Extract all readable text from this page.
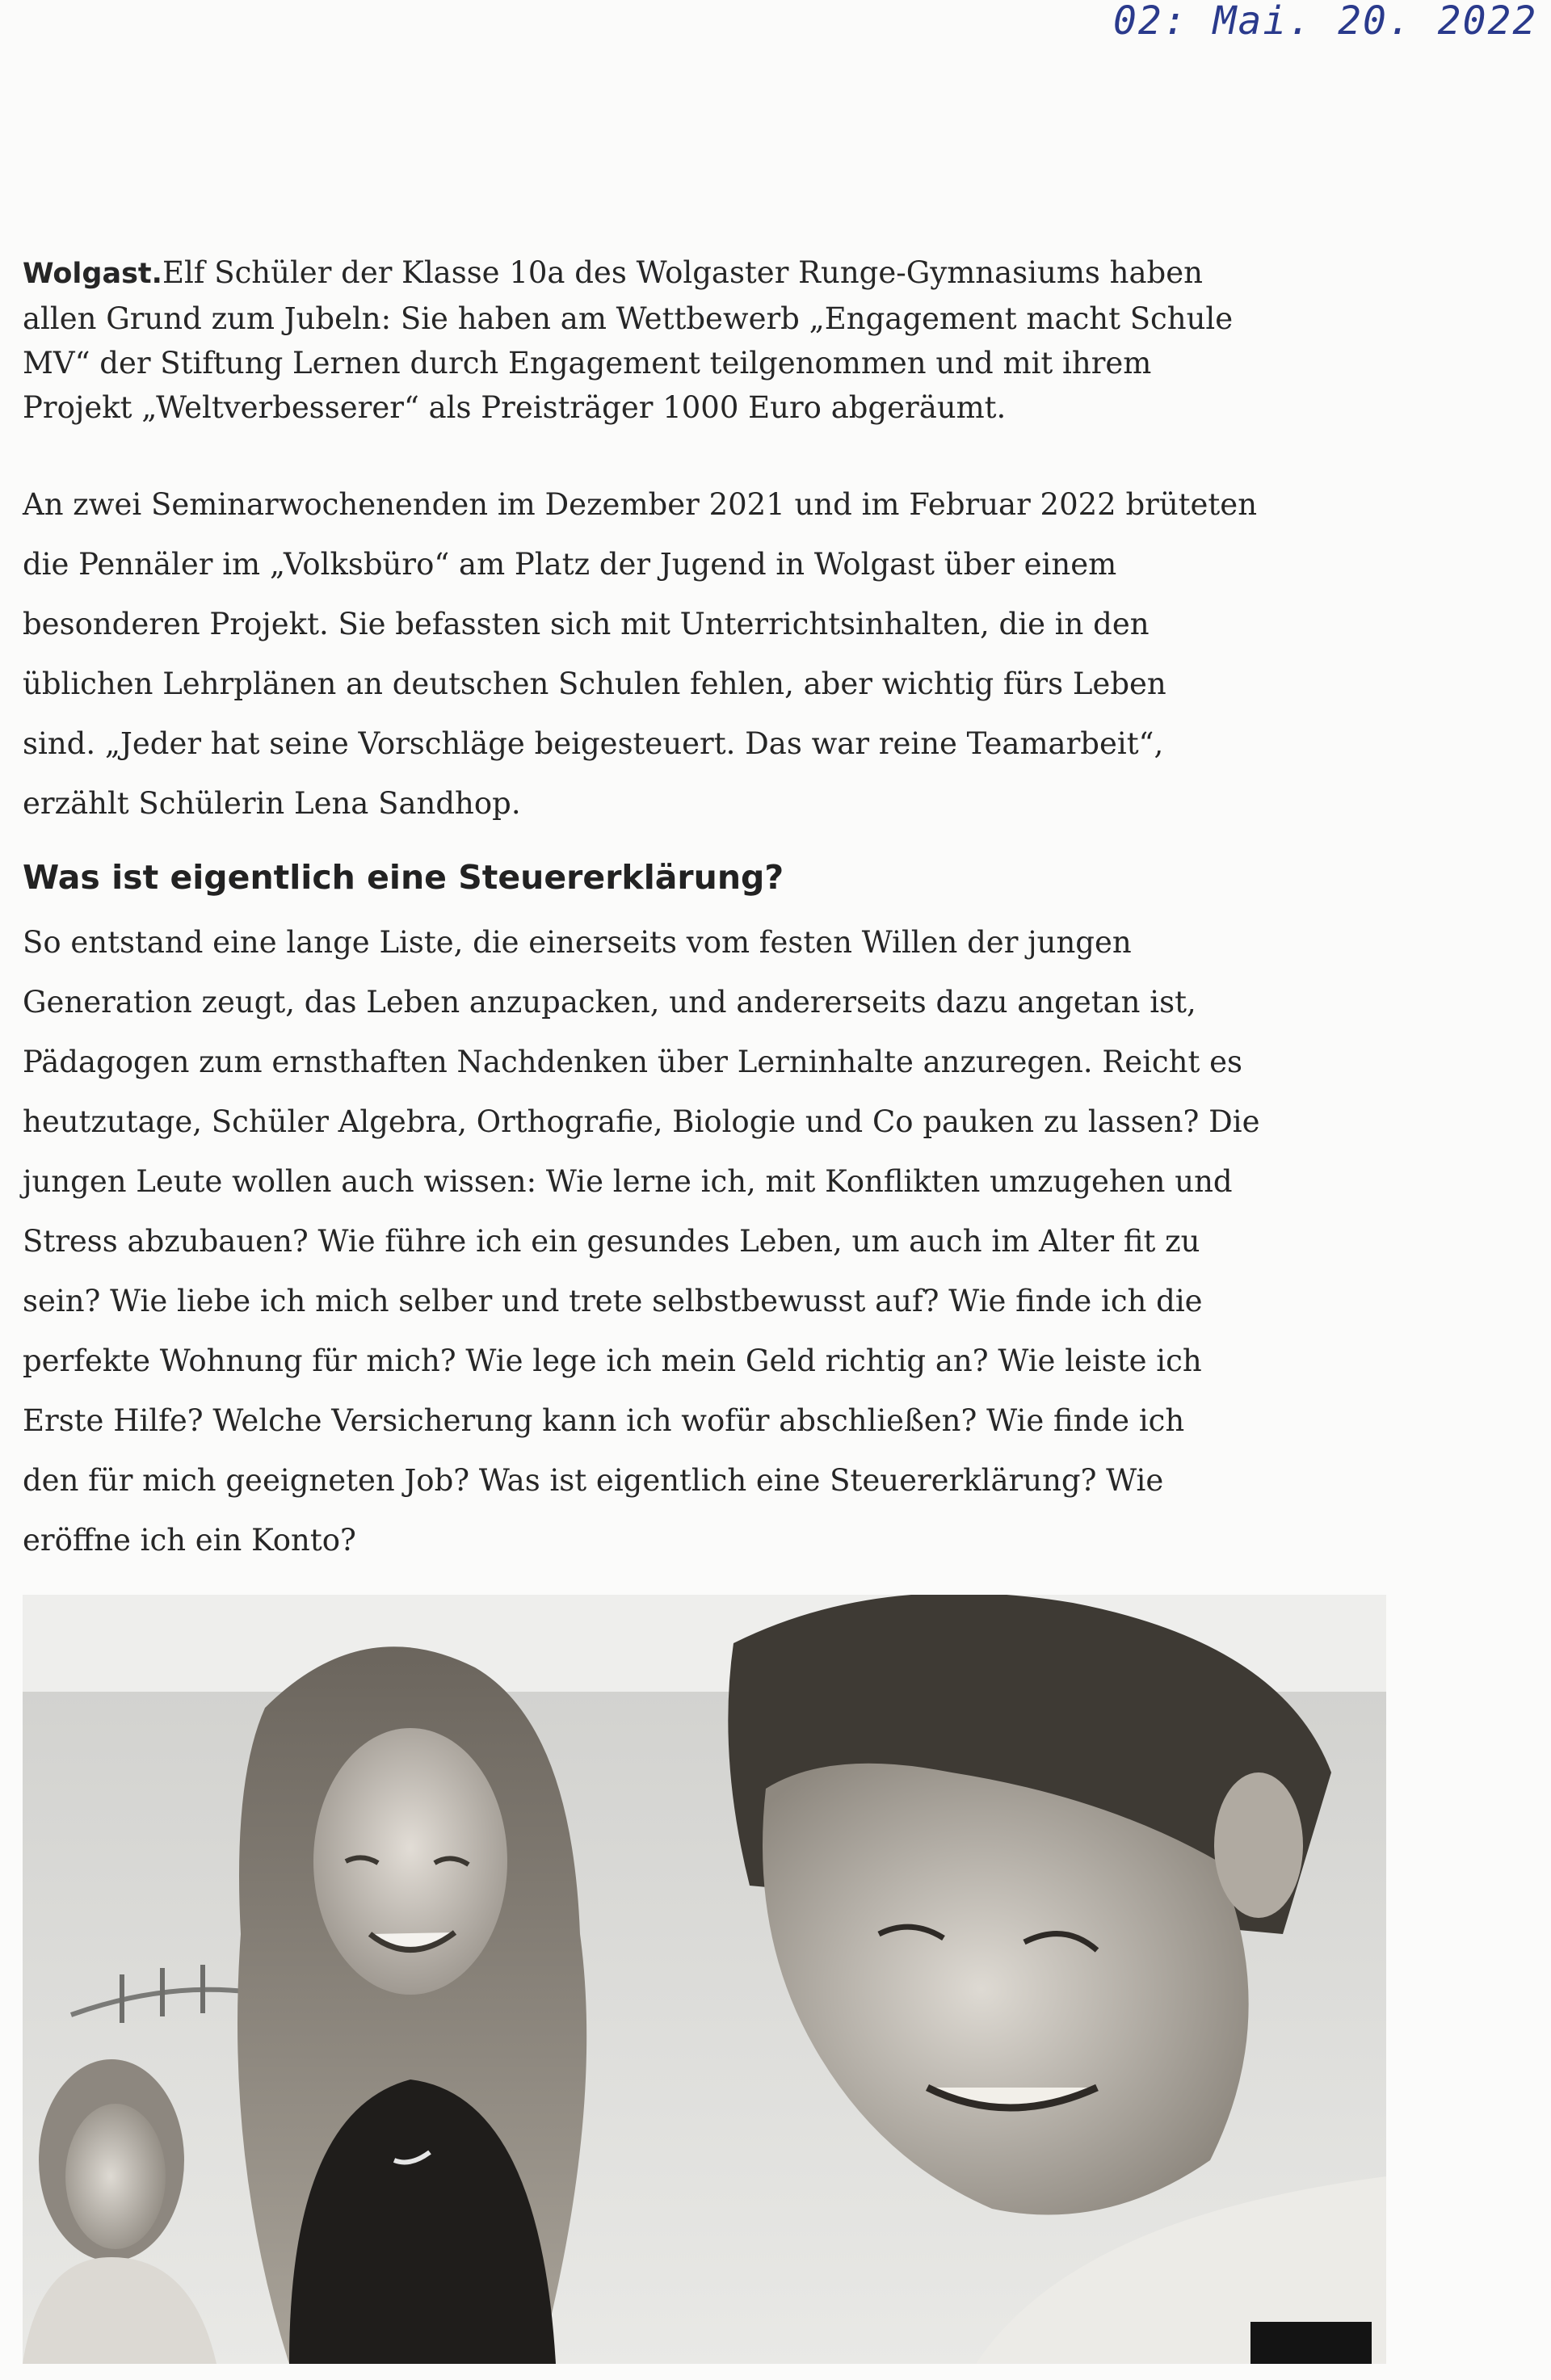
02: Mai. 20. 2022

Wolgast.Elf Schüler der Klasse 10a des Wolgaster Runge-Gymnasiums haben
allen Grund zum Jubeln: Sie haben am Wettbewerb „Engagement macht Schule
MV“ der Stiftung Lernen durch Engagement teilgenommen und mit ihrem
Projekt „Weltverbesserer“ als Preisträger 1000 Euro abgeräumt.

An zwei Seminarwochenenden im Dezember 2021 und im Februar 2022 brüteten
die Pennäler im „Volksbüro“ am Platz der Jugend in Wolgast über einem
besonderen Projekt. Sie befassten sich mit Unterrichtsinhalten, die in den
üblichen Lehrplänen an deutschen Schulen fehlen, aber wichtig fürs Leben
sind. „Jeder hat seine Vorschläge beigesteuert. Das war reine Teamarbeit“,
erzählt Schülerin Lena Sandhop.

Was ist eigentlich eine Steuererklärung?

So entstand eine lange Liste, die einerseits vom festen Willen der jungen
Generation zeugt, das Leben anzupacken, und andererseits dazu angetan ist,
Pädagogen zum ernsthaften Nachdenken über Lerninhalte anzuregen. Reicht es
heutzutage, Schüler Algebra, Orthografie, Biologie und Co pauken zu lassen? Die
jungen Leute wollen auch wissen: Wie lerne ich, mit Konflikten umzugehen und
Stress abzubauen? Wie führe ich ein gesundes Leben, um auch im Alter fit zu
sein? Wie liebe ich mich selber und trete selbstbewusst auf? Wie finde ich die
perfekte Wohnung für mich? Wie lege ich mein Geld richtig an? Wie leiste ich
Erste Hilfe? Welche Versicherung kann ich wofür abschließen? Wie finde ich
den für mich geeigneten Job? Was ist eigentlich eine Steuererklärung? Wie
eröffne ich ein Konto?
